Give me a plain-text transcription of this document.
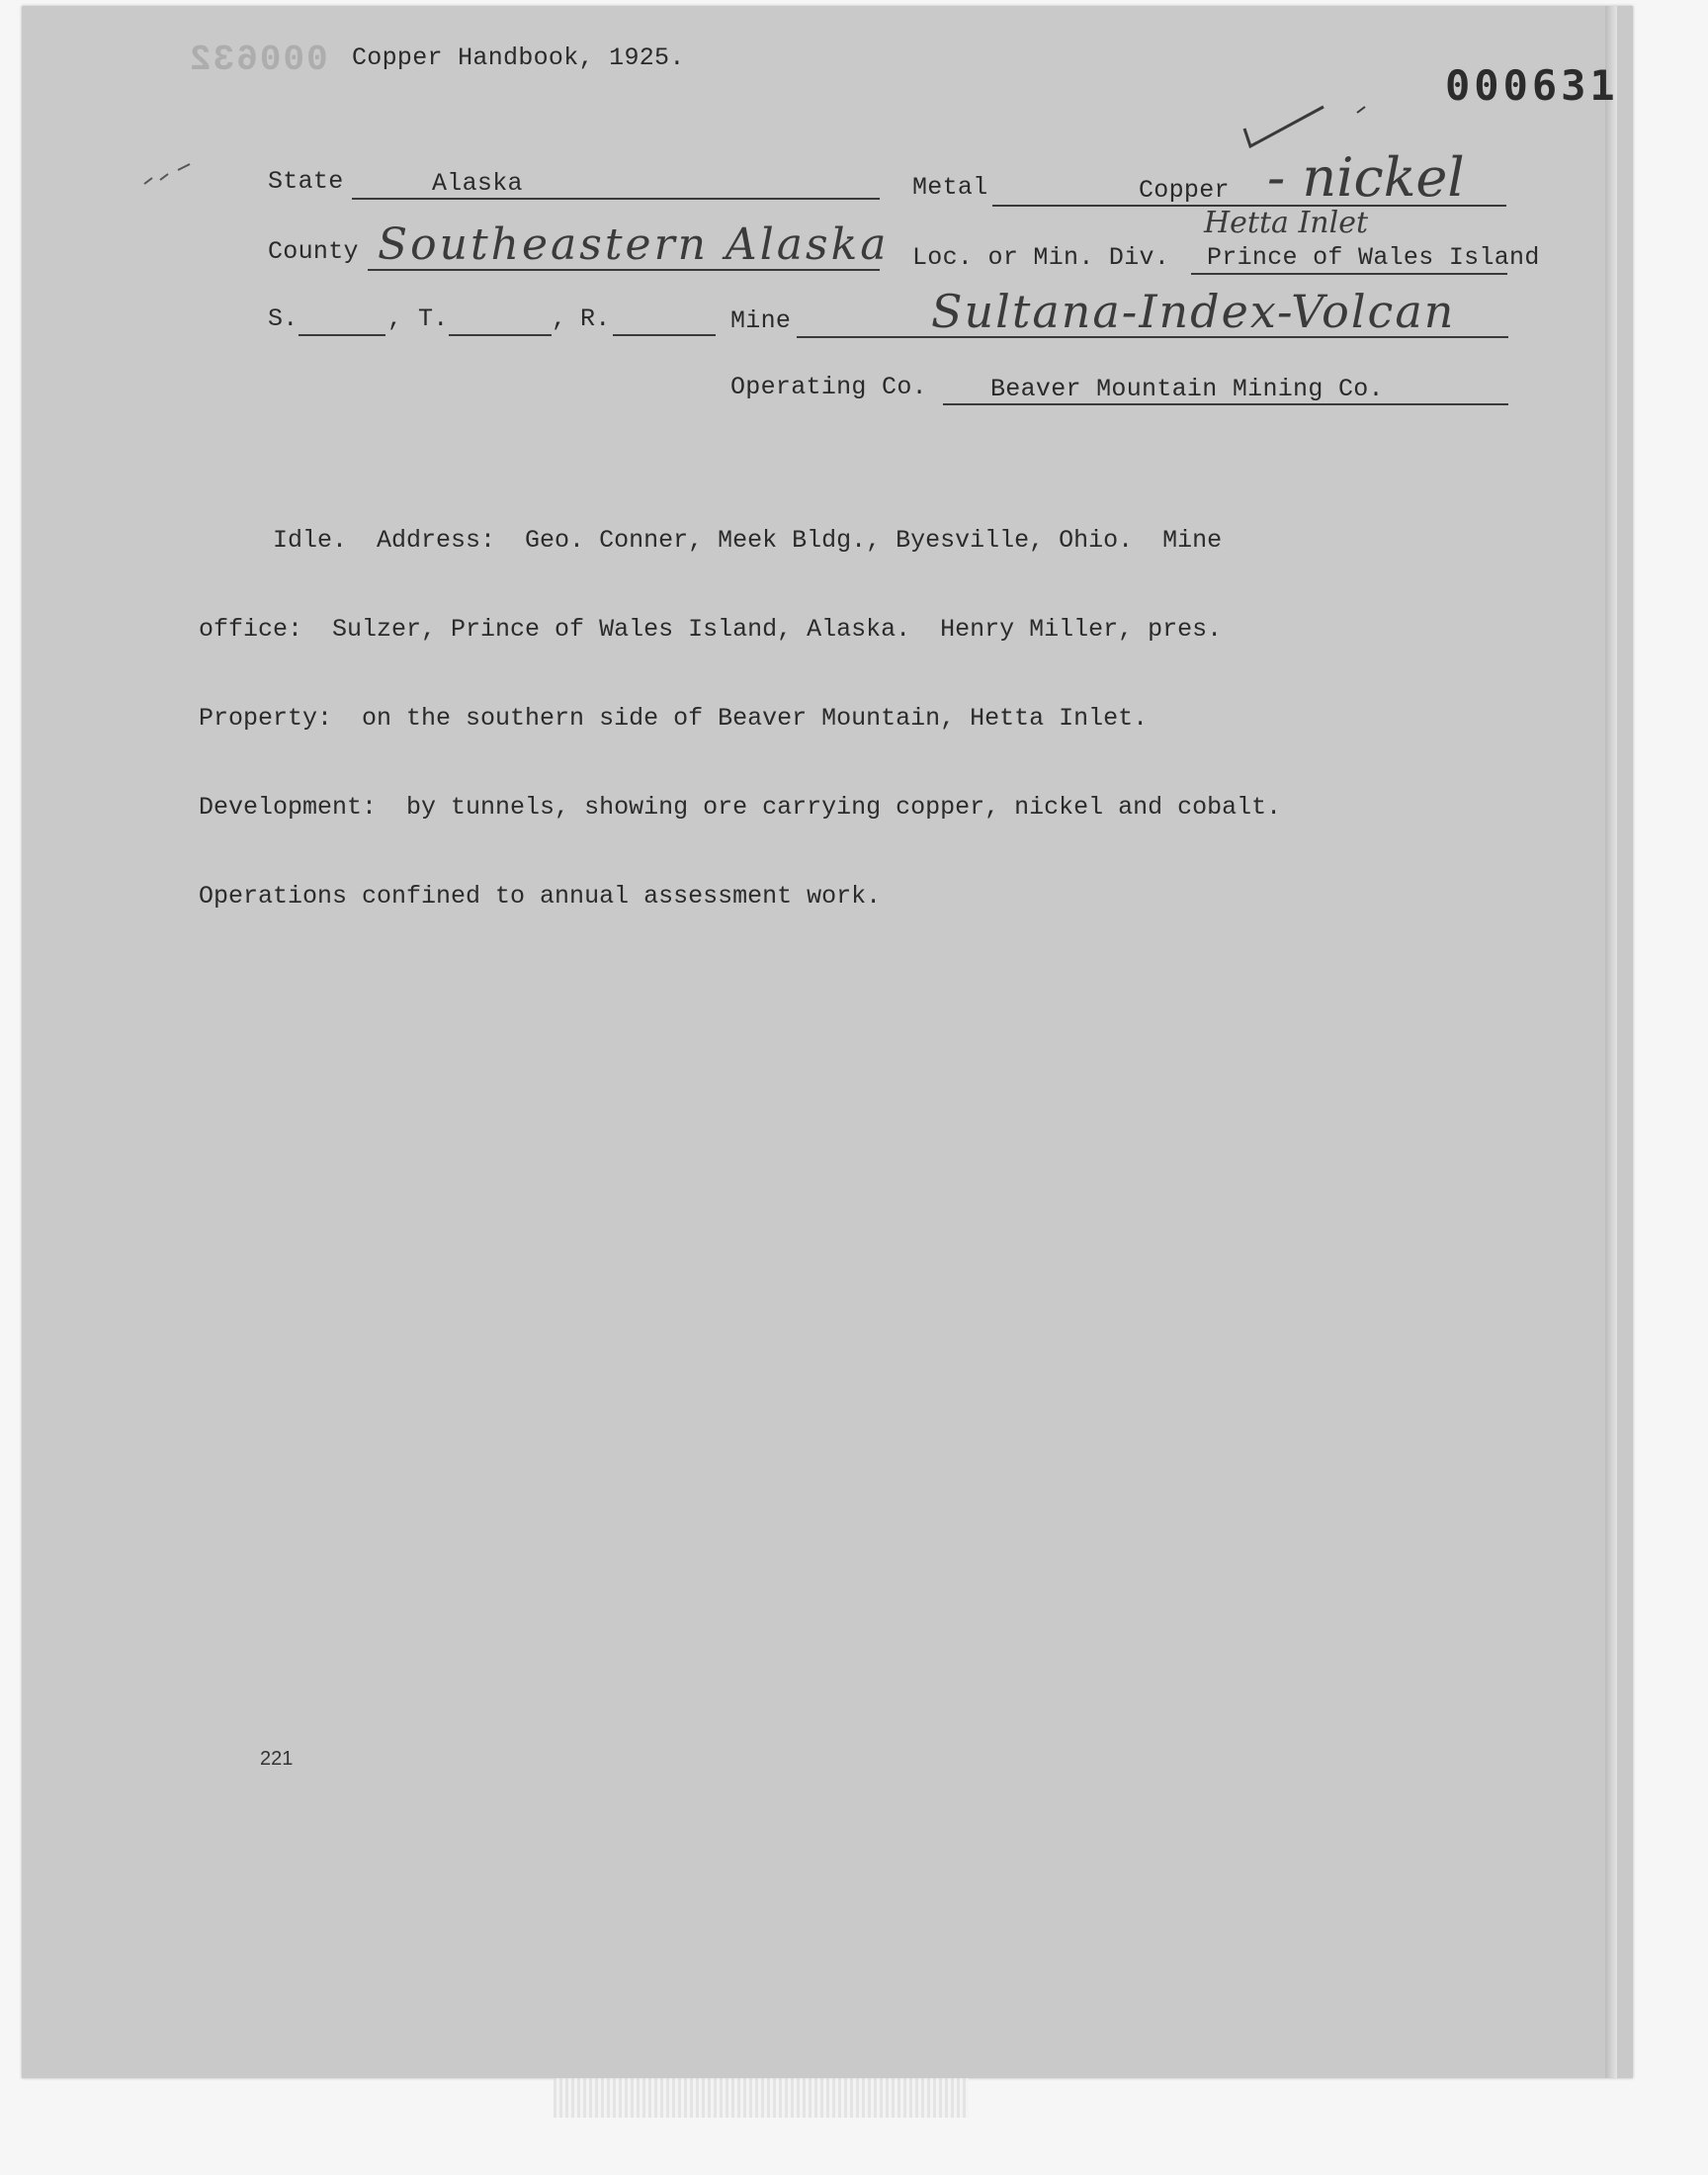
000632 Copper Handbook, 1925.
000631
State	Alaska	Metal	Copper - nickel
County Southeastern Alaska Loc. or Min. Div. Prince of Wales Island
Hetta Inlet
S.	, T.	, R.	Mine	Sultana-Index-Volcan
Operating Co.	Beaver Mountain Mining Co.

Idle.  Address:  Geo. Conner, Meek Bldg., Byesville, Ohio.  Mine

office:  Sulzer, Prince of Wales Island, Alaska.  Henry Miller, pres.

Property:  on the southern side of Beaver Mountain, Hetta Inlet.

Development:  by tunnels, showing ore carrying copper, nickel and cobalt.

Operations confined to annual assessment work.

221
